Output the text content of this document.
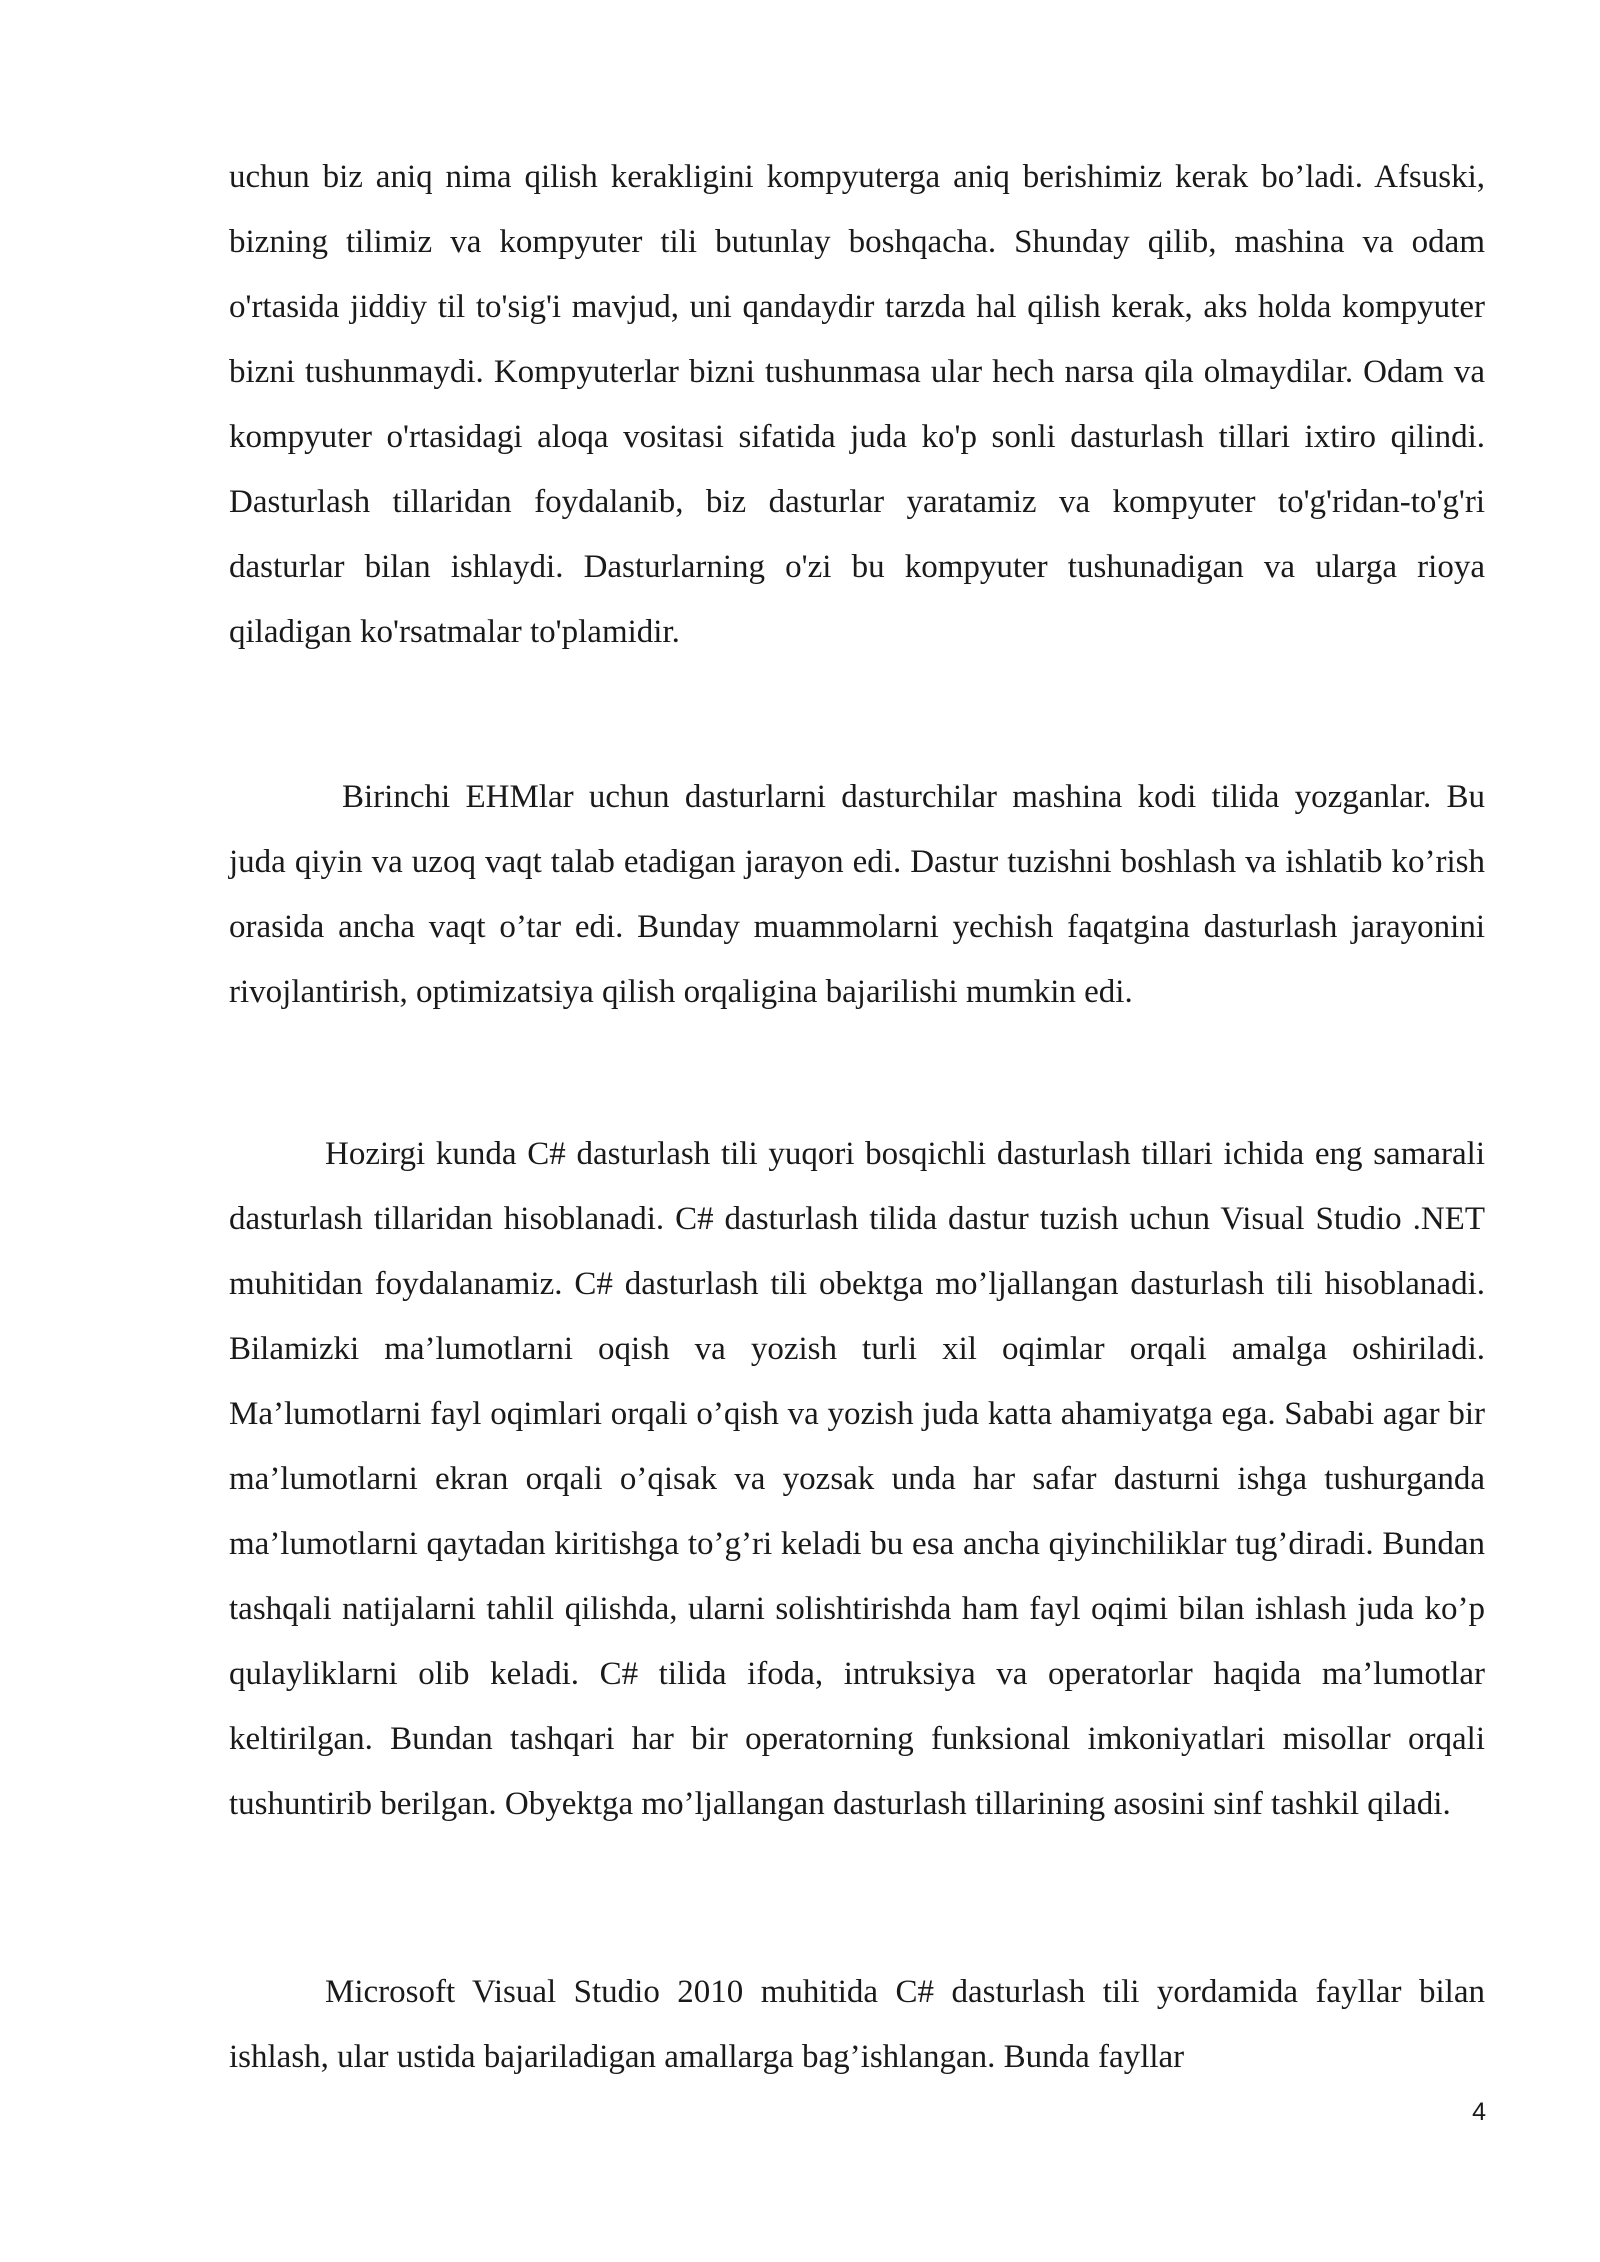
uchun biz aniq nima qilish kerakligini kompyuterga aniq berishimiz kerak bo’ladi. Afsuski, bizning tilimiz va kompyuter tili butunlay boshqacha. Shunday qilib, mashina va odam o'rtasida jiddiy til to'sig'i mavjud, uni qandaydir tarzda hal qilish kerak, aks holda kompyuter bizni tushunmaydi. Kompyuterlar bizni tushunmasa ular hech narsa qila olmaydilar. Odam va kompyuter o'rtasidagi aloqa vositasi sifatida juda ko'p sonli dasturlash tillari ixtiro qilindi. Dasturlash tillaridan foydalanib, biz dasturlar yaratamiz va kompyuter to'g'ridan-to'g'ri dasturlar bilan ishlaydi. Dasturlarning o'zi bu kompyuter tushunadigan va ularga rioya qiladigan ko'rsatmalar to'plamidir.

Birinchi EHMlar uchun dasturlarni dasturchilar mashina kodi tilida yozganlar. Bu juda qiyin va uzoq vaqt talab etadigan jarayon edi. Dastur tuzishni boshlash va ishlatib ko’rish orasida ancha vaqt o’tar edi. Bunday muammolarni yechish faqatgina dasturlash jarayonini rivojlantirish, optimizatsiya qilish orqaligina bajarilishi mumkin edi.

Hozirgi kunda C# dasturlash tili yuqori bosqichli dasturlash tillari ichida eng samarali dasturlash tillaridan hisoblanadi. C# dasturlash tilida dastur tuzish uchun Visual Studio .NET muhitidan foydalanamiz. C# dasturlash tili obektga mo’ljallangan dasturlash tili hisoblanadi. Bilamizki ma’lumotlarni oqish va yozish turli xil oqimlar orqali amalga oshiriladi. Ma’lumotlarni fayl oqimlari orqali o’qish va yozish juda katta ahamiyatga ega. Sababi agar bir ma’lumotlarni ekran orqali o’qisak va yozsak unda har safar dasturni ishga tushurganda ma’lumotlarni qaytadan kiritishga to’g’ri keladi bu esa ancha qiyinchiliklar tug’diradi. Bundan tashqali natijalarni tahlil qilishda, ularni solishtirishda ham fayl oqimi bilan ishlash juda ko’p qulayliklarni olib keladi. C# tilida ifoda, intruksiya va operatorlar haqida ma’lumotlar keltirilgan. Bundan tashqari har bir operatorning funksional imkoniyatlari misollar orqali tushuntirib berilgan. Obyektga mo’ljallangan dasturlash tillarining asosini sinf tashkil qiladi.

Microsoft Visual Studio 2010 muhitida C# dasturlash tili yordamida fayllar bilan ishlash, ular ustida bajariladigan amallarga bag’ishlangan. Bunda fayllar

4
